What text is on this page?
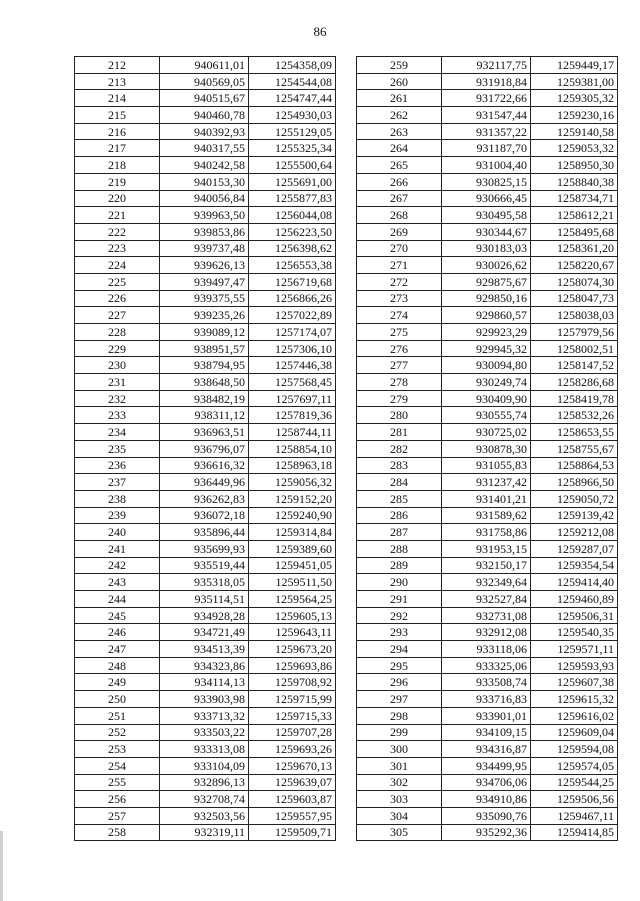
86
212	940611,01	1254358,09
213	940569,05	1254544,08
214	940515,67	1254747,44
215	940460,78	1254930,03
216	940392,93	1255129,05
217	940317,55	1255325,34
218	940242,58	1255500,64
219	940153,30	1255691,00
220	940056,84	1255877,83
221	939963,50	1256044,08
222	939853,86	1256223,50
223	939737,48	1256398,62
224	939626,13	1256553,38
225	939497,47	1256719,68
226	939375,55	1256866,26
227	939235,26	1257022,89
228	939089,12	1257174,07
229	938951,57	1257306,10
230	938794,95	1257446,38
231	938648,50	1257568,45
232	938482,19	1257697,11
233	938311,12	1257819,36
234	936963,51	1258744,11
235	936796,07	1258854,10
236	936616,32	1258963,18
237	936449,96	1259056,32
238	936262,83	1259152,20
239	936072,18	1259240,90
240	935896,44	1259314,84
241	935699,93	1259389,60
242	935519,44	1259451,05
243	935318,05	1259511,50
244	935114,51	1259564,25
245	934928,28	1259605,13
246	934721,49	1259643,11
247	934513,39	1259673,20
248	934323,86	1259693,86
249	934114,13	1259708,92
250	933903,98	1259715,99
251	933713,32	1259715,33
252	933503,22	1259707,28
253	933313,08	1259693,26
254	933104,09	1259670,13
255	932896,13	1259639,07
256	932708,74	1259603,87
257	932503,56	1259557,95
258	932319,11	1259509,71
259	932117,75	1259449,17
260	931918,84	1259381,00
261	931722,66	1259305,32
262	931547,44	1259230,16
263	931357,22	1259140,58
264	931187,70	1259053,32
265	931004,40	1258950,30
266	930825,15	1258840,38
267	930666,45	1258734,71
268	930495,58	1258612,21
269	930344,67	1258495,68
270	930183,03	1258361,20
271	930026,62	1258220,67
272	929875,67	1258074,30
273	929850,16	1258047,73
274	929860,57	1258038,03
275	929923,29	1257979,56
276	929945,32	1258002,51
277	930094,80	1258147,52
278	930249,74	1258286,68
279	930409,90	1258419,78
280	930555,74	1258532,26
281	930725,02	1258653,55
282	930878,30	1258755,67
283	931055,83	1258864,53
284	931237,42	1258966,50
285	931401,21	1259050,72
286	931589,62	1259139,42
287	931758,86	1259212,08
288	931953,15	1259287,07
289	932150,17	1259354,54
290	932349,64	1259414,40
291	932527,84	1259460,89
292	932731,08	1259506,31
293	932912,08	1259540,35
294	933118,06	1259571,11
295	933325,06	1259593,93
296	933508,74	1259607,38
297	933716,83	1259615,32
298	933901,01	1259616,02
299	934109,15	1259609,04
300	934316,87	1259594,08
301	934499,95	1259574,05
302	934706,06	1259544,25
303	934910,86	1259506,56
304	935090,76	1259467,11
305	935292,36	1259414,85
